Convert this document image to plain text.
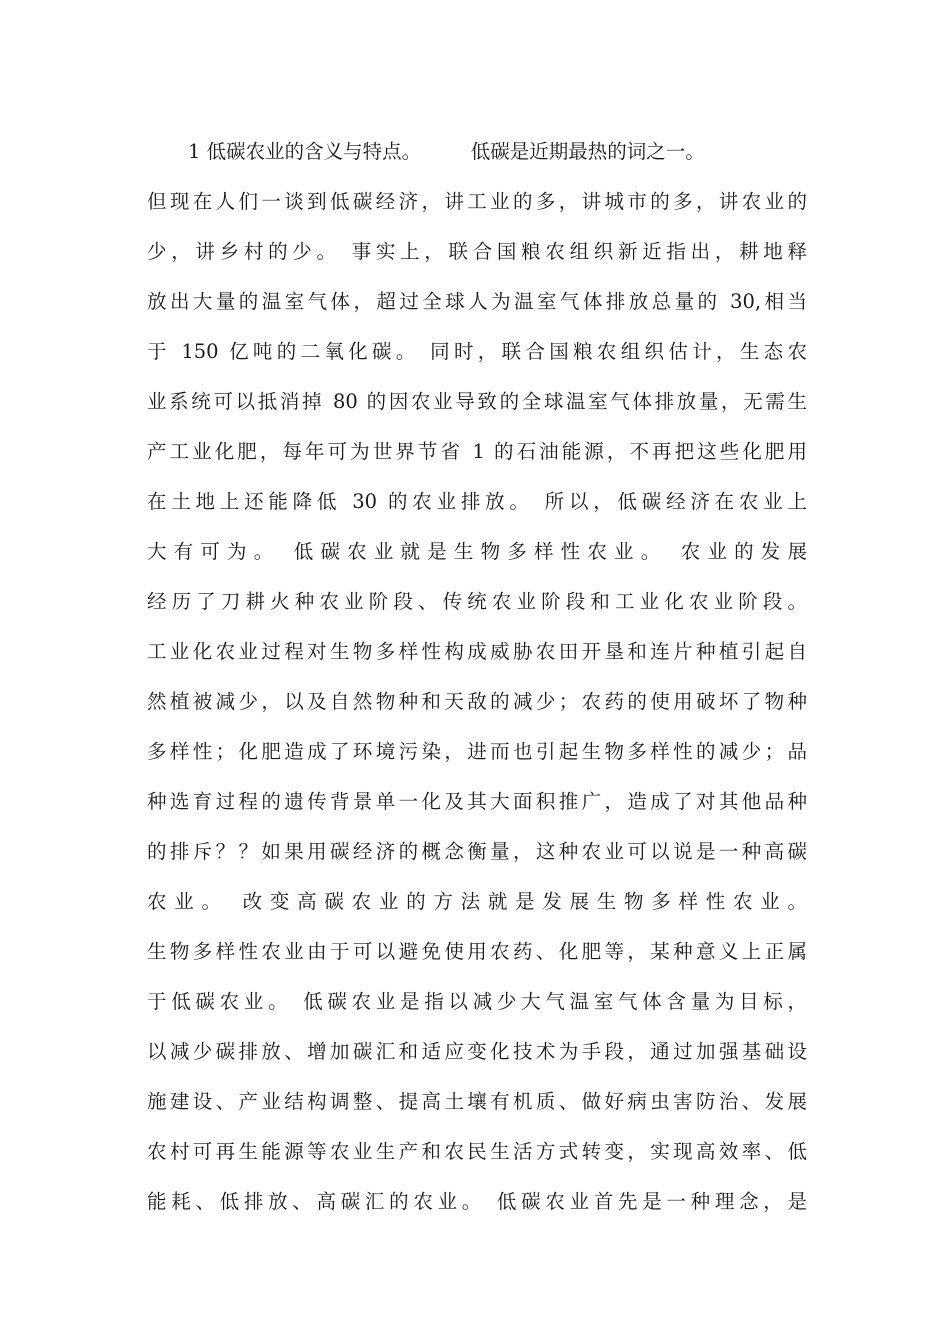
1 低碳农业的含义与特点。        低碳是近期最热的词之一。
但现在人们一谈到低碳经济，讲工业的多，讲城市的多，讲农业的
少，讲乡村的少。 事实上，联合国粮农组织新近指出，耕地释
放出大量的温室气体，超过全球人为温室气体排放总量的 30,相当
于 150 亿吨的二氧化碳。 同时，联合国粮农组织估计，生态农
业系统可以抵消掉 80 的因农业导致的全球温室气体排放量，无需生
产工业化肥，每年可为世界节省 1 的石油能源，不再把这些化肥用
在土地上还能降低 30 的农业排放。 所以，低碳经济在农业上
大有可为。 低碳农业就是生物多样性农业。 农业的发展
经历了刀耕火种农业阶段、传统农业阶段和工业化农业阶段。
工业化农业过程对生物多样性构成威胁农田开垦和连片种植引起自
然植被减少，以及自然物种和天敌的减少；农药的使用破坏了物种
多样性；化肥造成了环境污染，进而也引起生物多样性的减少；品
种选育过程的遗传背景单一化及其大面积推广，造成了对其他品种
的排斥？？如果用碳经济的概念衡量，这种农业可以说是一种高碳
农业。 改变高碳农业的方法就是发展生物多样性农业。
生物多样性农业由于可以避免使用农药、化肥等，某种意义上正属
于低碳农业。 低碳农业是指以减少大气温室气体含量为目标，
以减少碳排放、增加碳汇和适应变化技术为手段，通过加强基础设
施建设、产业结构调整、提高土壤有机质、做好病虫害防治、发展
农村可再生能源等农业生产和农民生活方式转变，实现高效率、低
能耗、低排放、高碳汇的农业。 低碳农业首先是一种理念，是
